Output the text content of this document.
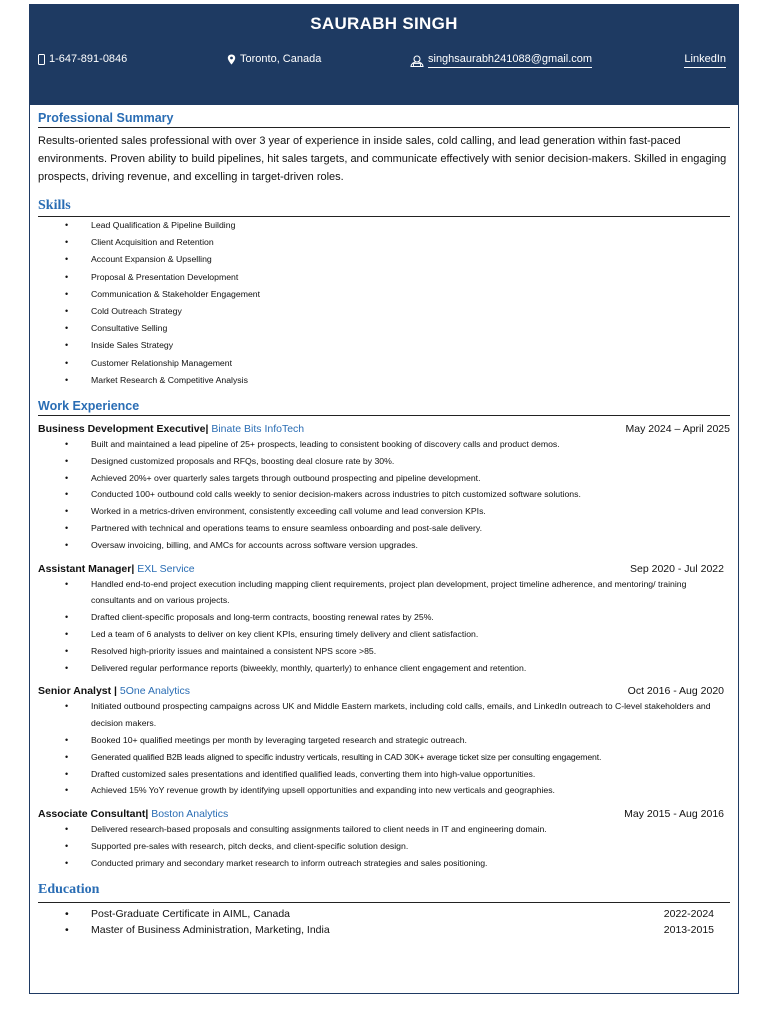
SAURABH SINGH
1-647-891-0846	Toronto, Canada	singhsaurabh241088@gmail.com	LinkedIn
Professional Summary

Results-oriented sales professional with over 3 year of experience in inside sales, cold calling, and lead generation within fast-paced environments. Proven ability to build pipelines, hit sales targets, and communicate effectively with senior decision-makers. Skilled in engaging prospects, driving revenue, and excelling in target-driven roles.

Skills
• Lead Qualification & Pipeline Building
• Client Acquisition and Retention
• Account Expansion & Upselling
• Proposal & Presentation Development
• Communication & Stakeholder Engagement
• Cold Outreach Strategy
• Consultative Selling
• Inside Sales Strategy
• Customer Relationship Management
• Market Research & Competitive Analysis
Work Experience
Business Development Executive| Binate Bits InfoTech	May 2024 – April 2025
• Built and maintained a lead pipeline of 25+ prospects, leading to consistent booking of discovery calls and product demos.
• Designed customized proposals and RFQs, boosting deal closure rate by 30%.
• Achieved 20%+ over quarterly sales targets through outbound prospecting and pipeline development.
• Conducted 100+ outbound cold calls weekly to senior decision-makers across industries to pitch customized software solutions.
• Worked in a metrics-driven environment, consistently exceeding call volume and lead conversion KPIs.
• Partnered with technical and operations teams to ensure seamless onboarding and post-sale delivery.
• Oversaw invoicing, billing, and AMCs for accounts across software version upgrades.
Assistant Manager| EXL Service	Sep 2020 - Jul 2022
• Handled end-to-end project execution including mapping client requirements, project plan development, project timeline adherence, and mentoring/ training consultants and on various projects.
• Drafted client-specific proposals and long-term contracts, boosting renewal rates by 25%.
• Led a team of 6 analysts to deliver on key client KPIs, ensuring timely delivery and client satisfaction.
• Resolved high-priority issues and maintained a consistent NPS score >85.
• Delivered regular performance reports (biweekly, monthly, quarterly) to enhance client engagement and retention.
Senior Analyst | 5One Analytics	Oct 2016 - Aug 2020
• Initiated outbound prospecting campaigns across UK and Middle Eastern markets, including cold calls, emails, and LinkedIn outreach to C-level stakeholders and decision makers.
• Booked 10+ qualified meetings per month by leveraging targeted research and strategic outreach.
• Generated qualified B2B leads aligned to specific industry verticals, resulting in CAD 30K+ average ticket size per consulting engagement.
• Drafted customized sales presentations and identified qualified leads, converting them into high-value opportunities.
• Achieved 15% YoY revenue growth by identifying upsell opportunities and expanding into new verticals and geographies.
Associate Consultant| Boston Analytics	May 2015 - Aug 2016
• Delivered research-based proposals and consulting assignments tailored to client needs in IT and engineering domain.
• Supported pre-sales with research, pitch decks, and client-specific solution design.
• Conducted primary and secondary market research to inform outreach strategies and sales positioning.
Education
• Post-Graduate Certificate in AIML, Canada	2022-2024
• Master of Business Administration, Marketing, India	2013-2015
